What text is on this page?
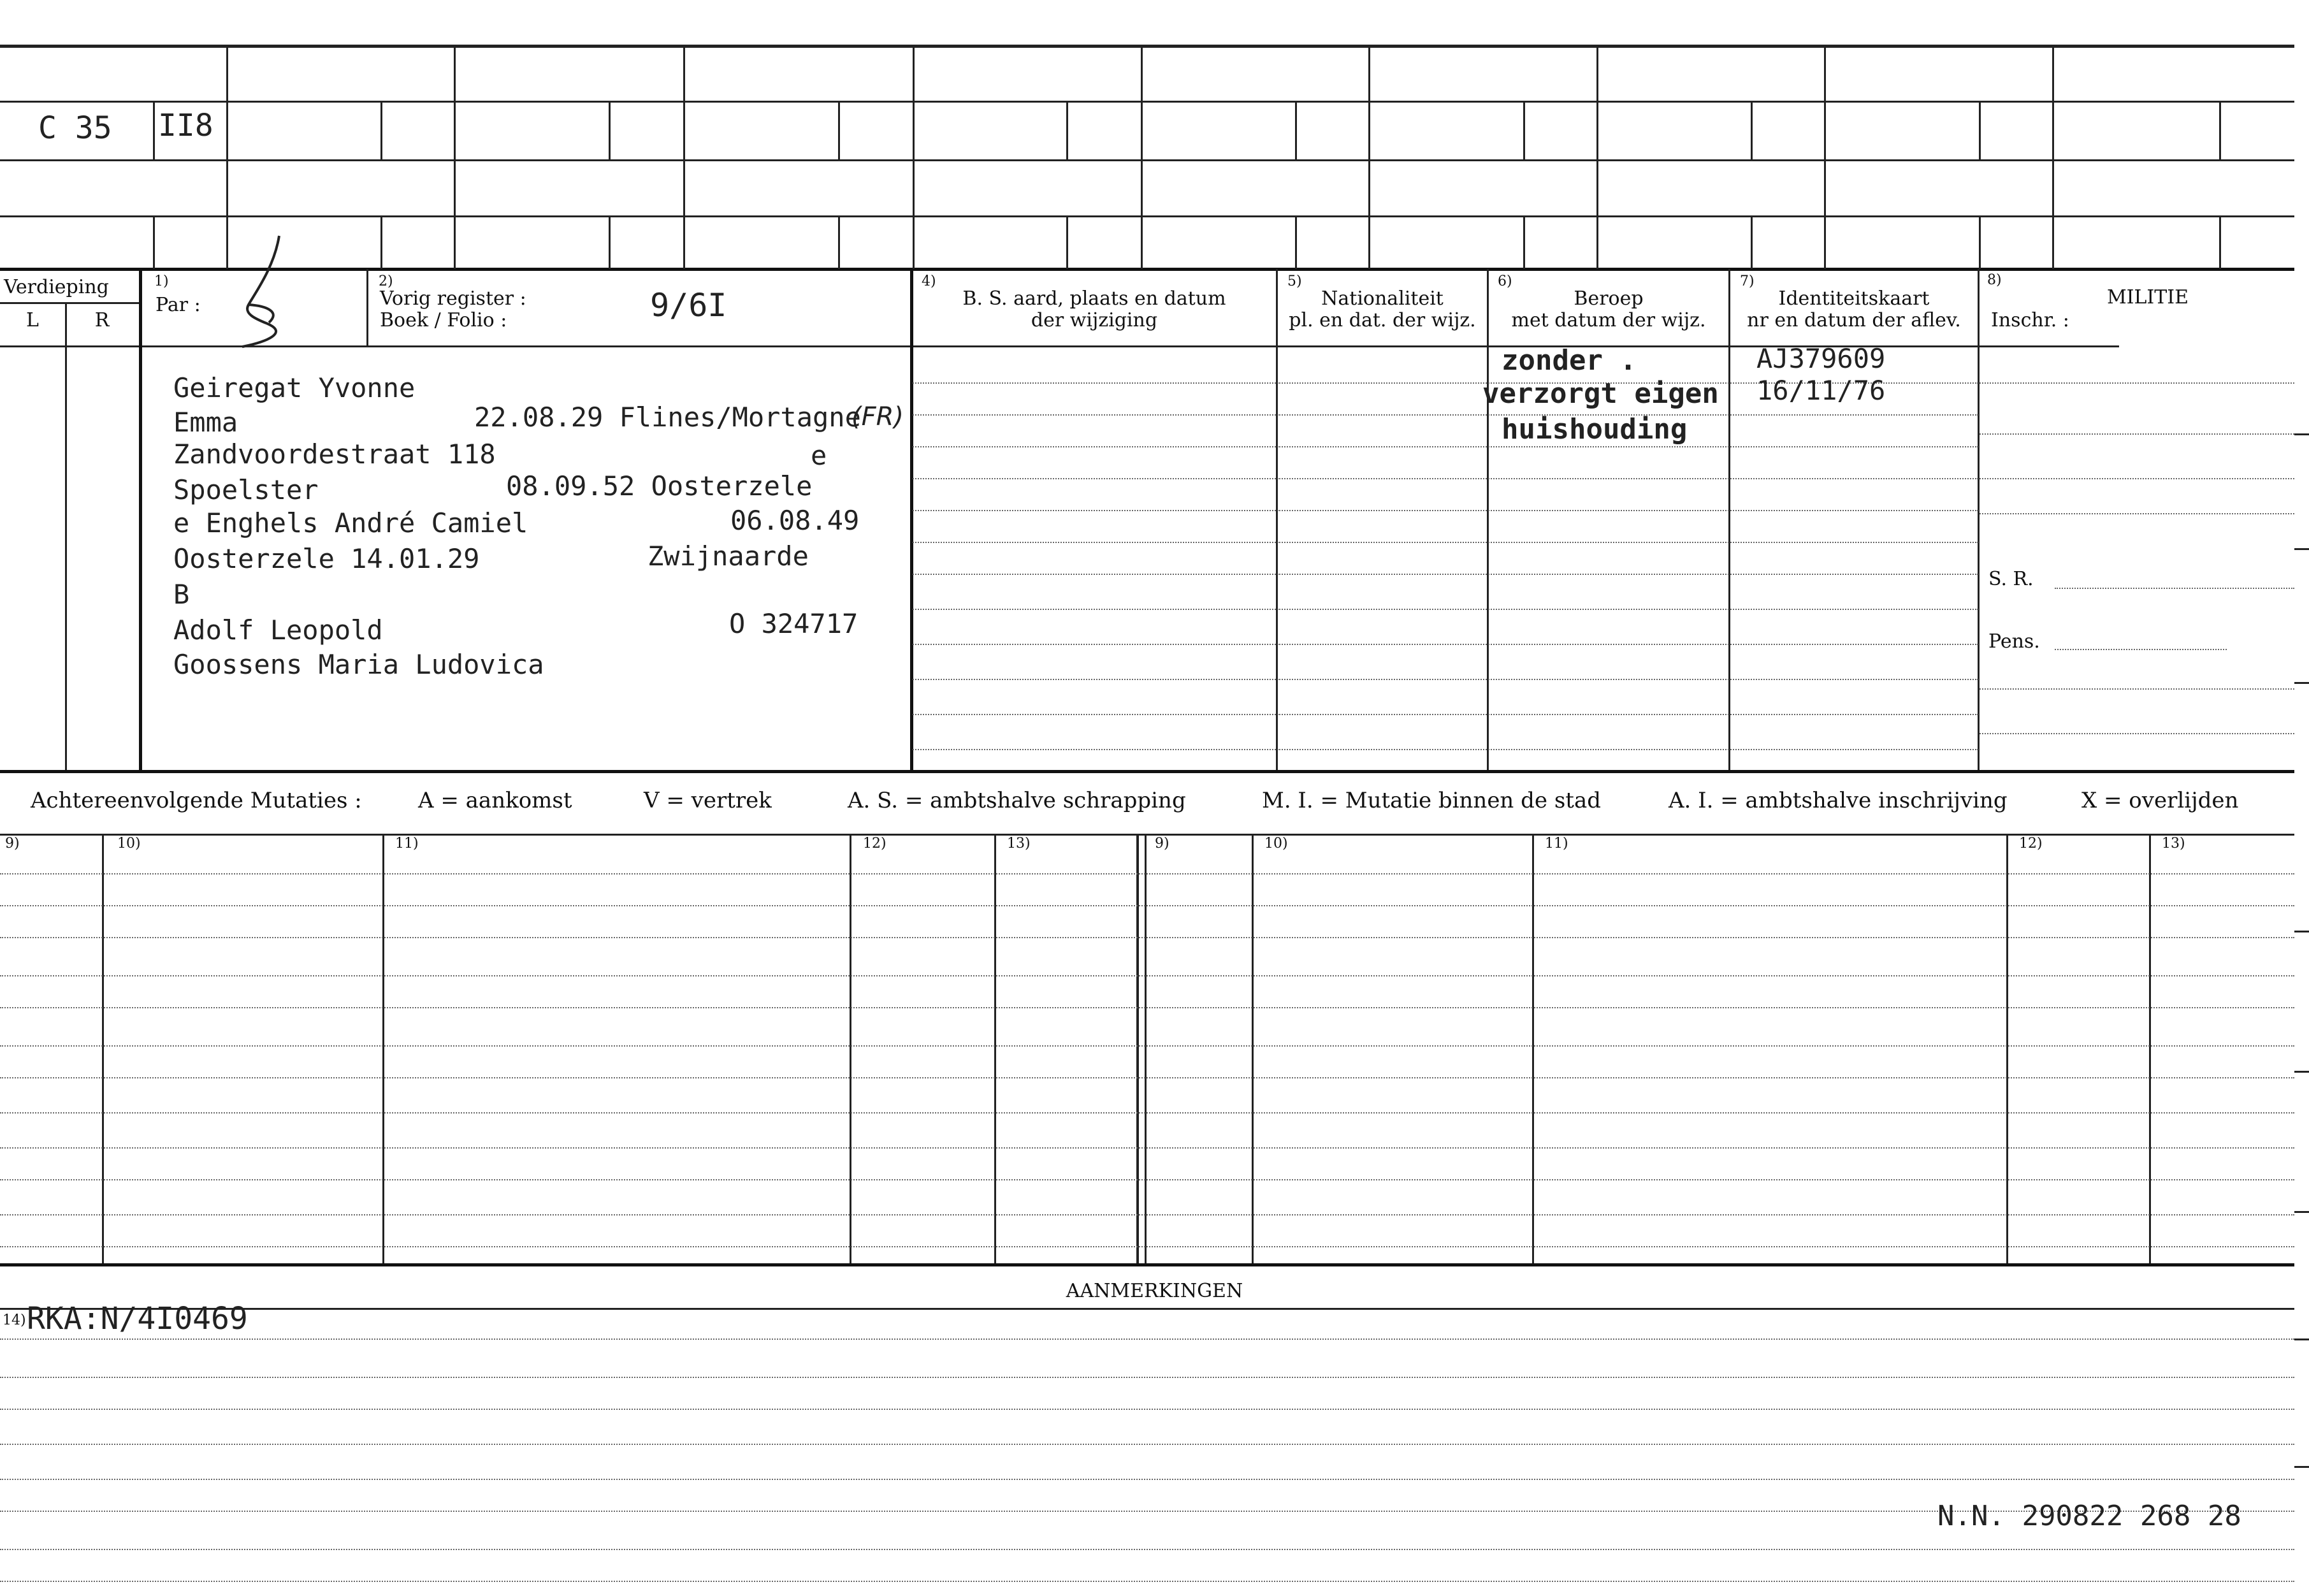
C 35 II8
Verdieping
L	R
1)
Par :
2)
Vorig register :
Boek / Folio :	9/6I
4)
B. S. aard, plaats en datum
der wijziging
5)
Nationaliteit
pl. en dat. der wijz.
6)
Beroep
met datum der wijz.
7)
Identiteitskaart
nr en datum der aflev.
8)
MILITIE
Inschr. :
S. R.
Pens.
Geiregat Yvonne
Emma	22.08.29 Flines/Mortagne
(FR)
Zandvoordestraat 118	e
Spoelster	08.09.52 Oosterzele
e Enghels André Camiel	06.08.49
Oosterzele 14.01.29	Zwijnaarde
B
Adolf Leopold	O 324717
Goossens Maria Ludovica
zonder .
verzorgt eigen
huishouding
AJ379609
16/11/76
Achtereenvolgende Mutaties :	A = aankomst	V = vertrek	A. S. = ambtshalve schrapping	M. I. = Mutatie binnen de stad	A. I. = ambtshalve inschrijving	X = overlijden
9)	10)	11)	12)	13)	9)	10)	11)	12)	13)
AANMERKINGEN
14) RKA:N/4I0469
N.N. 290822 268 28
